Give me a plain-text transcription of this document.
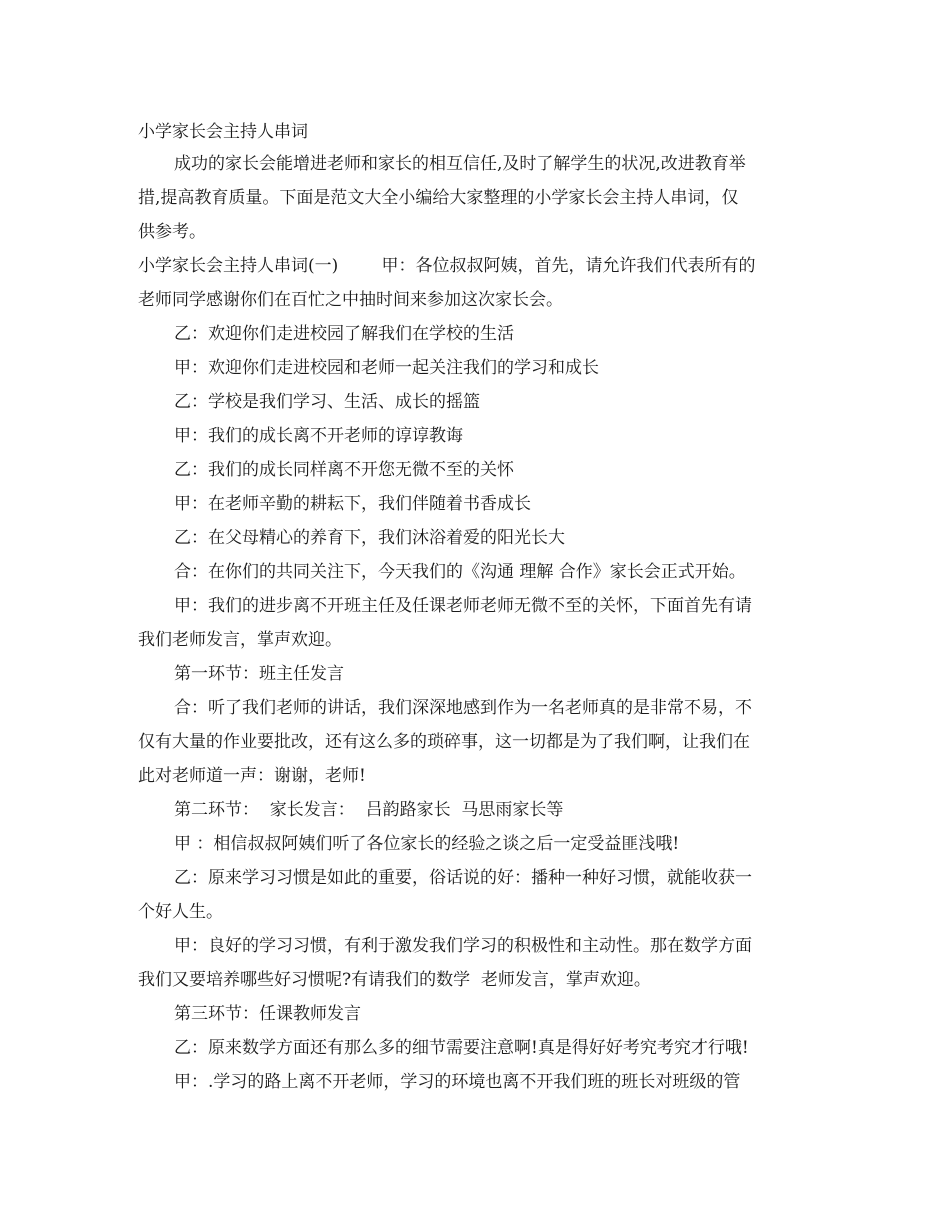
小学家长会主持人串词

成功的家长会能增进老师和家长的相互信任,及时了解学生的状况,改进教育举
措,提高教育质量。下面是范文大全小编给大家整理的小学家长会主持人串词，仅
供参考。

小学家长会主持人串词(一)        甲：各位叔叔阿姨，首先，请允许我们代表所有的
老师同学感谢你们在百忙之中抽时间来参加这次家长会。

乙：欢迎你们走进校园了解我们在学校的生活

甲：欢迎你们走进校园和老师一起关注我们的学习和成长

乙：学校是我们学习、生活、成长的摇篮

甲：我们的成长离不开老师的谆谆教诲

乙：我们的成长同样离不开您无微不至的关怀

甲：在老师辛勤的耕耘下，我们伴随着书香成长

乙：在父母精心的养育下，我们沐浴着爱的阳光长大

合：在你们的共同关注下，今天我们的《沟通 理解 合作》家长会正式开始。

甲：我们的进步离不开班主任及任课老师老师无微不至的关怀，下面首先有请
我们老师发言，掌声欢迎。

第一环节：班主任发言

合：听了我们老师的讲话，我们深深地感到作为一名老师真的是非常不易，不
仅有大量的作业要批改，还有这么多的琐碎事，这一切都是为了我们啊，让我们在
此对老师道一声：谢谢，老师!

第二环节：  家长发言：  吕韵路家长  马思雨家长等

甲 ：相信叔叔阿姨们听了各位家长的经验之谈之后一定受益匪浅哦!

乙：原来学习习惯是如此的重要，俗话说的好：播种一种好习惯，就能收获一
个好人生。

甲：良好的学习习惯，有利于激发我们学习的积极性和主动性。那在数学方面
我们又要培养哪些好习惯呢?有请我们的数学  老师发言，掌声欢迎。

第三环节：任课教师发言

乙：原来数学方面还有那么多的细节需要注意啊!真是得好好考究考究才行哦!

甲：.学习的路上离不开老师，学习的环境也离不开我们班的班长对班级的管
